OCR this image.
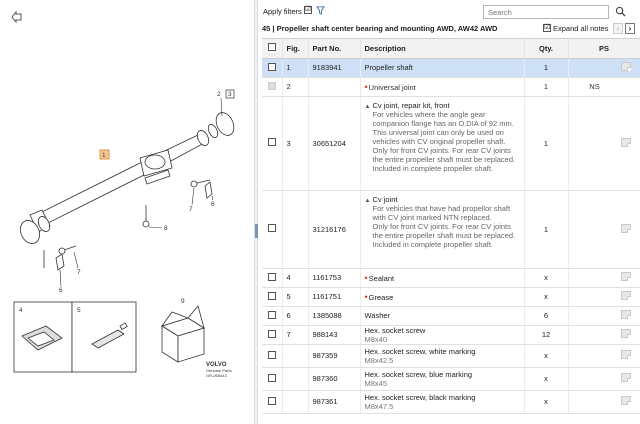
1
2 3
6
7
8
7
6
4	5
9
VOLVO
Genuine Parts
GR-265443
Apply filters ☑
Search
45 | Propeller shaft center bearing and mounting AWD, AW42 AWD	☑ Expand all notes	‹	›
	Fig.	Part No.	Description	Qty.	PS
	1	9183941	Propeller shaft	1	
	2		•Universal joint	1	NS
	3	30651204	▲ Cv joint, repair kit, front
For vehicles where the angle gear companion flange has an O.DIA of 92 mm.
This universal joint can only be used on vehicles with CV original propeller shaft. Only for front CV joints. For rear CV joints the entire propeller shaft must be replaced.
Included in complete propeller shaft.	1	
		31216176	▲ Cv joint
For vehicles that have had propellor shaft with CV joint marked NTN replaced.
Only for front CV joints. For rear CV joints the entire propeller shaft must be replaced.
Included in complete propeller shaft.	1	
	4	1161753	•Sealant	x	
	5	1161751	•Grease	x	
	6	1385088	Washer	6	
	7	988143	Hex. socket screw
M8x40	12	
		987359	Hex. socket screw, white marking
M8x42.5	x	
		987360	Hex. socket screw, blue marking
M8x45	x	
		987361	Hex. socket screw, black marking
M8x47.5	x	
